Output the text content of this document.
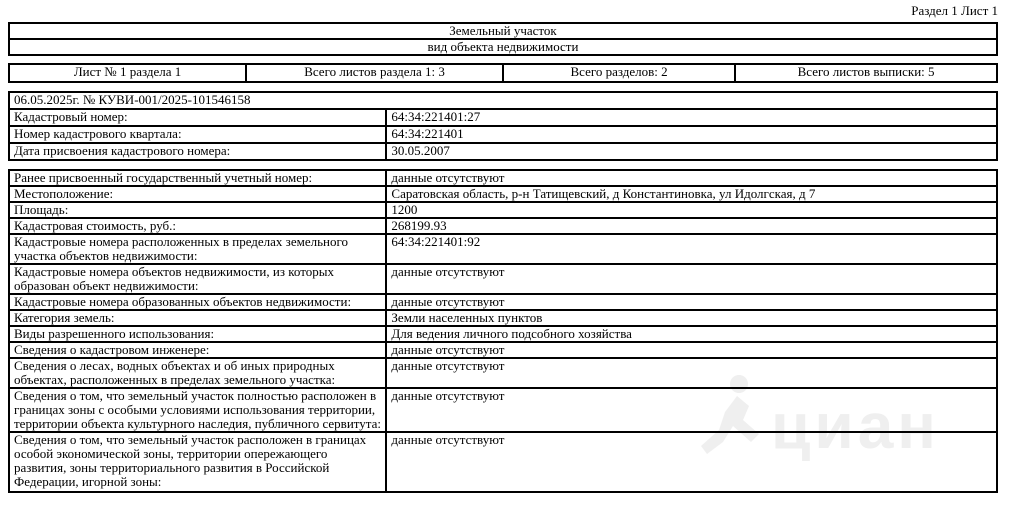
циан
Раздел 1 Лист 1
Земельный участок
вид объекта недвижимости
Лист № 1 раздела 1	Всего листов раздела 1: 3	Всего разделов: 2	Всего листов выписки: 5
06.05.2025г. № КУВИ-001/2025-101546158	
Кадастровый номер:	64:34:221401:27
Номер кадастрового квартала:	64:34:221401
Дата присвоения кадастрового номера:	30.05.2007
Ранее присвоенный государственный учетный номер:	данные отсутствуют
Местоположение:	Саратовская область, р-н Татищевский, д Константиновка, ул Идолгская, д 7
Площадь:	1200
Кадастровая стоимость, руб.:	268199.93
Кадастровые номера расположенных в пределах земельного участка объектов недвижимости:	64:34:221401:92
Кадастровые номера объектов недвижимости, из которых образован объект недвижимости:	данные отсутствуют
Кадастровые номера образованных объектов недвижимости:	данные отсутствуют
Категория земель:	Земли населенных пунктов
Виды разрешенного использования:	Для ведения личного подсобного хозяйства
Сведения о кадастровом инженере:	данные отсутствуют
Сведения о лесах, водных объектах и об иных природных объектах, расположенных в пределах земельного участка:	данные отсутствуют
Сведения о том, что земельный участок полностью расположен в границах зоны с особыми условиями использования территории, территории объекта культурного наследия, публичного сервитута:	данные отсутствуют
Сведения о том, что земельный участок расположен в границах особой экономической зоны, территории опережающего развития, зоны территориального развития в Российской Федерации, игорной зоны:	данные отсутствуют
